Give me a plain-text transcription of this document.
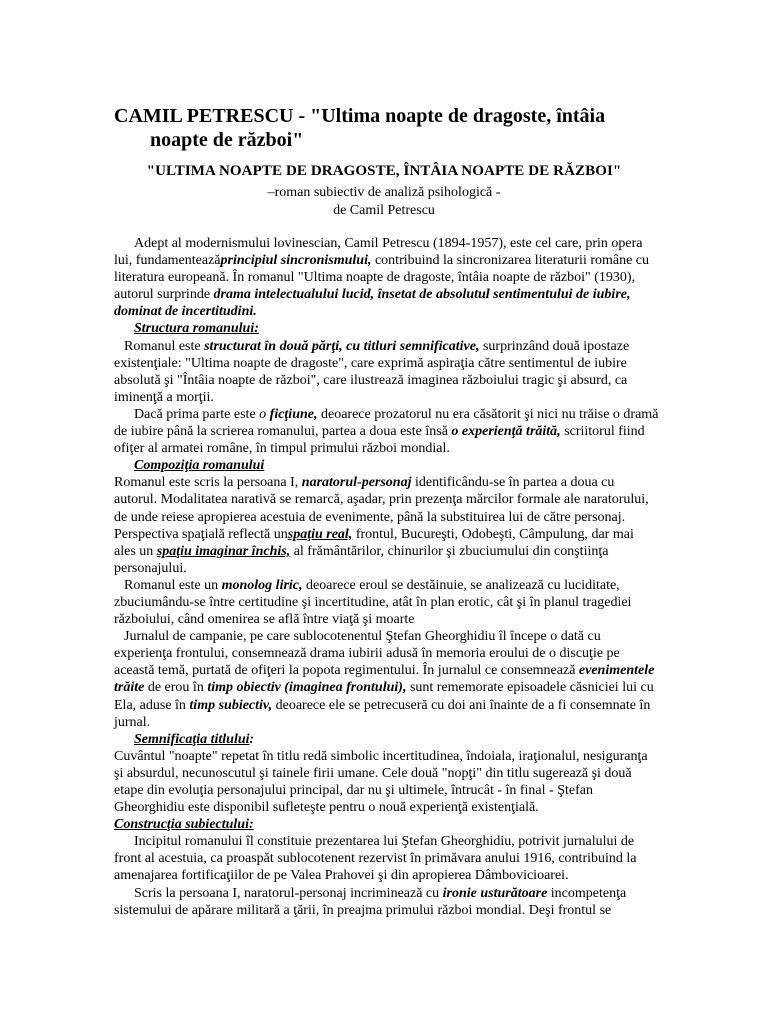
CAMIL PETRESCU - "Ultima noapte de dragoste, întâia
noapte de război"
"ULTIMA NOAPTE DE DRAGOSTE, ÎNTÂIA NOAPTE DE RĂZBOI"
–roman subiectiv de analiză psihologică -
de Camil Petrescu

Adept al modernismului lovinescian, Camil Petrescu (1894-1957), este cel care, prin opera lui, fundamenteazăprincipiul sincronismului, contribuind la sincronizarea literaturii române cu literatura europeană. În romanul "Ultima noapte de dragoste, întâia noapte de război" (1930), autorul surprinde drama intelectualului lucid, însetat de absolutul sentimentului de iubire, dominat de incertitudini.

Structura romanului:

Romanul este structurat în două părţi, cu titluri semnificative, surprinzând două ipostaze existenţiale: "Ultima noapte de dragoste", care exprimă aspiraţia către sentimentul de iubire absolută şi "Întâia noapte de război", care ilustrează imaginea războiului tragic şi absurd, ca iminenţă a morţii.

Dacă prima parte este o ficţiune, deoarece prozatorul nu era căsătorit şi nici nu trăise o dramă de iubire până la scrierea romanului, partea a doua este însă o experienţă trăită, scriitorul fiind ofiţer al armatei române, în timpul primului război mondial.

Compoziţia romanului

Romanul este scris la persoana I, naratorul-personaj identificându-se în partea a doua cu autorul. Modalitatea narativă se remarcă, aşadar, prin prezenţa mărcilor formale ale naratorului, de unde reiese apropierea acestuia de evenimente, până la substituirea lui de către personaj. Perspectiva spaţială reflectă unspaţiu real, frontul, Bucureşti, Odobeşti, Câmpulung, dar mai ales un spaţiu imaginar închis, al frământărilor, chinurilor şi zbuciumului din conştiinţa personajului.

Romanul este un monolog liric, deoarece eroul se destăinuie, se analizează cu luciditate, zbuciumându-se între certitudine şi incertitudine, atât în plan erotic, cât şi în planul tragediei războiului, când omenirea se află între viaţă şi moarte

Jurnalul de campanie, pe care sublocotenentul Ştefan Gheorghidiu îl începe o dată cu experienţa frontului, consemnează drama iubirii adusă în memoria eroului de o discuţie pe această temă, purtată de ofiţeri la popota regimentului. În jurnalul ce consemnează evenimentele trăite de erou în timp obiectiv (imaginea frontului), sunt rememorate episoadele căsniciei lui cu Ela, aduse în timp subiectiv, deoarece ele se petrecuseră cu doi ani înainte de a fi consemnate în jurnal.

Semnificaţia titlului:

Cuvântul "noapte" repetat în titlu redă simbolic incertitudinea, îndoiala, iraţionalul, nesiguranţa şi absurdul, necunoscutul şi tainele firii umane. Cele două "nopţi" din titlu sugerează şi două etape din evoluţia personajului principal, dar nu şi ultimele, întrucât - în final - Ştefan Gheorghidiu este disponibil sufleteşte pentru o nouă experienţă existenţială.

Construcţia subiectului:

Incipitul romanului îl constituie prezentarea lui Ştefan Gheorghidiu, potrivit jurnalului de front al acestuia, ca proaspăt sublocotenent rezervist în primăvara anului 1916, contribuind la amenajarea fortificaţiilor de pe Valea Prahovei şi din apropierea Dâmbovicioarei.

Scris la persoana I, naratorul-personaj incriminează cu ironie usturătoare incompetenţa sistemului de apărare militară a ţării, în preajma primului război mondial. Deşi frontul se
